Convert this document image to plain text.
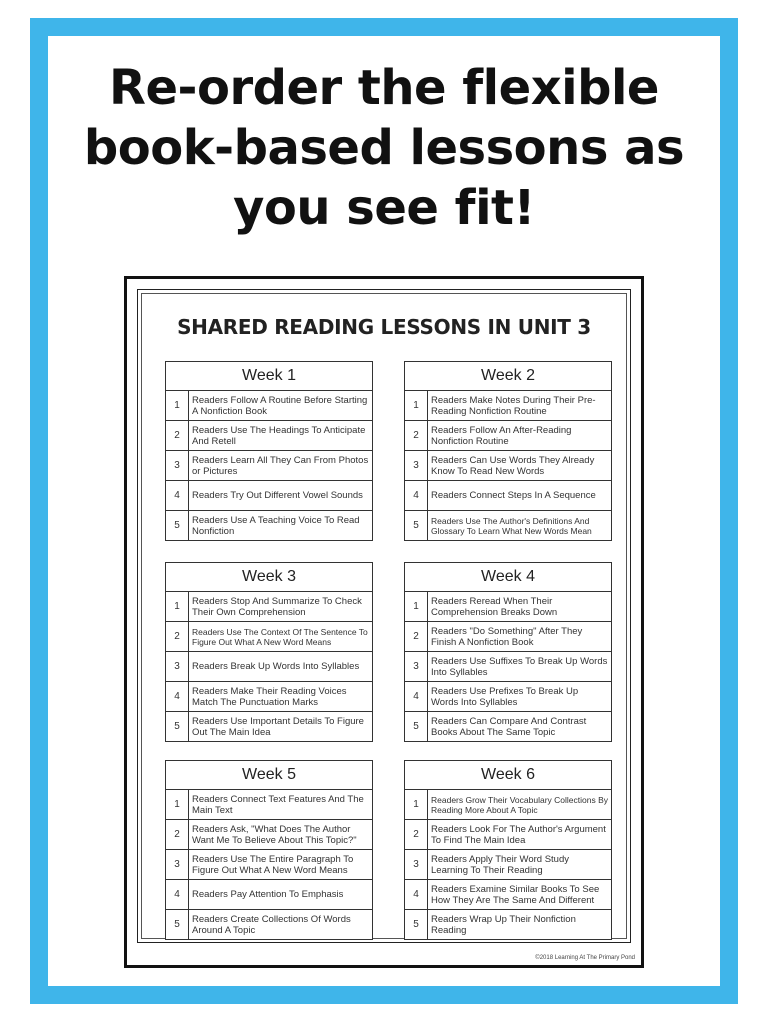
Re-order the flexible
book-based lessons as
you see fit!
SHARED READING LESSONS IN UNIT 3
Week 1
1	Readers Follow A Routine Before Starting A Nonfiction Book
2	Readers Use The Headings To Anticipate And Retell
3	Readers Learn All They Can From Photos or Pictures
4	Readers Try Out Different Vowel Sounds
5	Readers Use A Teaching Voice To Read Nonfiction
Week 2
1	Readers Make Notes During Their Pre-Reading Nonfiction Routine
2	Readers Follow An After-Reading Nonfiction Routine
3	Readers Can Use Words They Already Know To Read New Words
4	Readers Connect Steps In A Sequence
5	Readers Use The Author's Definitions And Glossary To Learn What New Words Mean
Week 3
1	Readers Stop And Summarize To Check Their Own Comprehension
2	Readers Use The Context Of The Sentence To Figure Out What A New Word Means
3	Readers Break Up Words Into Syllables
4	Readers Make Their Reading Voices Match The Punctuation Marks
5	Readers Use Important Details To Figure Out The Main Idea
Week 4
1	Readers Reread When Their Comprehension Breaks Down
2	Readers "Do Something" After They Finish A Nonfiction Book
3	Readers Use Suffixes To Break Up Words Into Syllables
4	Readers Use Prefixes To Break Up Words Into Syllables
5	Readers Can Compare And Contrast Books About The Same Topic
Week 5
1	Readers Connect Text Features And The Main Text
2	Readers Ask, "What Does The Author Want Me To Believe About This Topic?"
3	Readers Use The Entire Paragraph To Figure Out What A New Word Means
4	Readers Pay Attention To Emphasis
5	Readers Create Collections Of Words Around A Topic
Week 6
1	Readers Grow Their Vocabulary Collections By Reading More About A Topic
2	Readers Look For The Author's Argument To Find The Main Idea
3	Readers Apply Their Word Study Learning To Their Reading
4	Readers Examine Similar Books To See How They Are The Same And Different
5	Readers Wrap Up Their Nonfiction Reading

©2018 Learning At The Primary Pond
